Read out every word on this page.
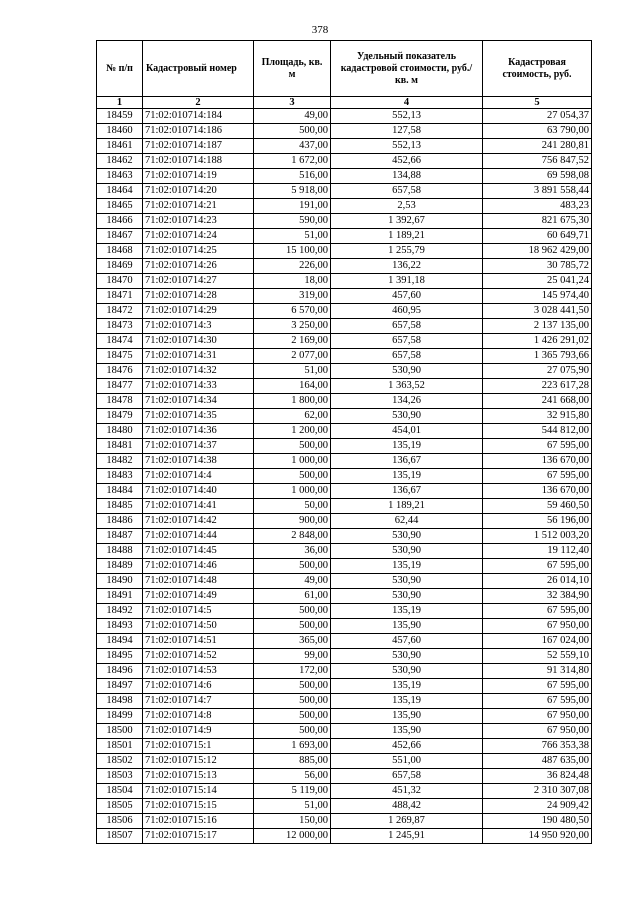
378
№ п/п	Кадастровый номер	Площадь, кв. м	Удельный показатель кадастровой стоимости, руб./кв. м	Кадастровая стоимость, руб.
1	2	3	4	5
18459	71:02:010714:184	49,00	552,13	27 054,37
18460	71:02:010714:186	500,00	127,58	63 790,00
18461	71:02:010714:187	437,00	552,13	241 280,81
18462	71:02:010714:188	1 672,00	452,66	756 847,52
18463	71:02:010714:19	516,00	134,88	69 598,08
18464	71:02:010714:20	5 918,00	657,58	3 891 558,44
18465	71:02:010714:21	191,00	2,53	483,23
18466	71:02:010714:23	590,00	1 392,67	821 675,30
18467	71:02:010714:24	51,00	1 189,21	60 649,71
18468	71:02:010714:25	15 100,00	1 255,79	18 962 429,00
18469	71:02:010714:26	226,00	136,22	30 785,72
18470	71:02:010714:27	18,00	1 391,18	25 041,24
18471	71:02:010714:28	319,00	457,60	145 974,40
18472	71:02:010714:29	6 570,00	460,95	3 028 441,50
18473	71:02:010714:3	3 250,00	657,58	2 137 135,00
18474	71:02:010714:30	2 169,00	657,58	1 426 291,02
18475	71:02:010714:31	2 077,00	657,58	1 365 793,66
18476	71:02:010714:32	51,00	530,90	27 075,90
18477	71:02:010714:33	164,00	1 363,52	223 617,28
18478	71:02:010714:34	1 800,00	134,26	241 668,00
18479	71:02:010714:35	62,00	530,90	32 915,80
18480	71:02:010714:36	1 200,00	454,01	544 812,00
18481	71:02:010714:37	500,00	135,19	67 595,00
18482	71:02:010714:38	1 000,00	136,67	136 670,00
18483	71:02:010714:4	500,00	135,19	67 595,00
18484	71:02:010714:40	1 000,00	136,67	136 670,00
18485	71:02:010714:41	50,00	1 189,21	59 460,50
18486	71:02:010714:42	900,00	62,44	56 196,00
18487	71:02:010714:44	2 848,00	530,90	1 512 003,20
18488	71:02:010714:45	36,00	530,90	19 112,40
18489	71:02:010714:46	500,00	135,19	67 595,00
18490	71:02:010714:48	49,00	530,90	26 014,10
18491	71:02:010714:49	61,00	530,90	32 384,90
18492	71:02:010714:5	500,00	135,19	67 595,00
18493	71:02:010714:50	500,00	135,90	67 950,00
18494	71:02:010714:51	365,00	457,60	167 024,00
18495	71:02:010714:52	99,00	530,90	52 559,10
18496	71:02:010714:53	172,00	530,90	91 314,80
18497	71:02:010714:6	500,00	135,19	67 595,00
18498	71:02:010714:7	500,00	135,19	67 595,00
18499	71:02:010714:8	500,00	135,90	67 950,00
18500	71:02:010714:9	500,00	135,90	67 950,00
18501	71:02:010715:1	1 693,00	452,66	766 353,38
18502	71:02:010715:12	885,00	551,00	487 635,00
18503	71:02:010715:13	56,00	657,58	36 824,48
18504	71:02:010715:14	5 119,00	451,32	2 310 307,08
18505	71:02:010715:15	51,00	488,42	24 909,42
18506	71:02:010715:16	150,00	1 269,87	190 480,50
18507	71:02:010715:17	12 000,00	1 245,91	14 950 920,00
